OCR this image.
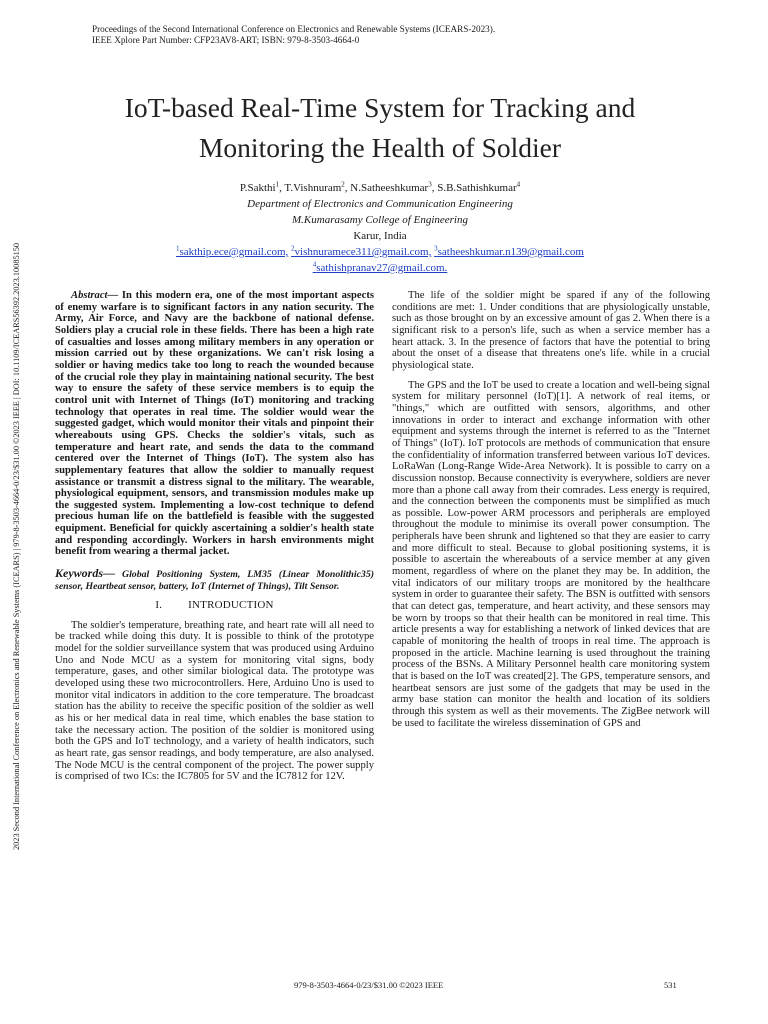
Proceedings of the Second International Conference on Electronics and Renewable Systems (ICEARS-2023).
IEEE Xplore Part Number: CFP23AV8-ART; ISBN: 979-8-3503-4664-0
2023 Second International Conference on Electronics and Renewable Systems (ICEARS) | 979-8-3503-4664-0/23/$31.00 ©2023 IEEE | DOI: 10.1109/ICEARS56392.2023.10085150
IoT-based Real-Time System for Tracking and
Monitoring the Health of Soldier
P.Sakthi$^1$, T.Vishnuram$^2$, N.Satheeshkumar$^3$, S.B.Sathishkumar$^4$
Department of Electronics and Communication Engineering
M.Kumarasamy College of Engineering
Karur, India
$^1$sakthip.ece@gmail.com, $^2$vishnuramece311@gmail.com, $^3$satheeshkumar.n139@gmail.com
$^4$sathishpranav27@gmail.com.

Abstract— In this modern era, one of the most important aspects of enemy warfare is to significant factors in any nation security. The Army, Air Force, and Navy are the backbone of national defense. Soldiers play a crucial role in these fields. There has been a high rate of casualties and losses among military members in any operation or mission carried out by these organizations. We can't risk losing a soldier or having medics take too long to reach the wounded because of the crucial role they play in maintaining national security. The best way to ensure the safety of these service members is to equip the control unit with Internet of Things (IoT) monitoring and tracking technology that operates in real time. The soldier would wear the suggested gadget, which would monitor their vitals and pinpoint their whereabouts using GPS. Checks the soldier's vitals, such as temperature and heart rate, and sends the data to the command centered over the Internet of Things (IoT). The system also has supplementary features that allow the soldier to manually request assistance or transmit a distress signal to the military. The wearable, physiological equipment, sensors, and transmission modules make up the suggested system. Implementing a low-cost technique to defend precious human life on the battlefield is feasible with the suggested equipment. Beneficial for quickly ascertaining a soldier's health state and responding accordingly. Workers in harsh environments might benefit from wearing a thermal jacket.

Keywords— Global Positioning System, LM35 (Linear Monolithic35) sensor, Heartbeat sensor, battery, IoT (Internet of Things), Tilt Sensor.

I. INTRODUCTION

The soldier's temperature, breathing rate, and heart rate will all need to be tracked while doing this duty. It is possible to think of the prototype model for the soldier surveillance system that was produced using Arduino Uno and Node MCU as a system for monitoring vital signs, body temperature, gases, and other similar biological data. The prototype was developed using these two microcontrollers. Here, Arduino Uno is used to monitor vital indicators in addition to the core temperature. The broadcast station has the ability to receive the specific position of the soldier as well as his or her medical data in real time, which enables the base station to take the necessary action. The position of the soldier is monitored using both the GPS and IoT technology, and a variety of health indicators, such as heart rate, gas sensor readings, and body temperature, are also analysed. The Node MCU is the central component of the project. The power supply is comprised of two ICs: the IC7805 for 5V and the IC7812 for 12V.

The life of the soldier might be spared if any of the following conditions are met: 1. Under conditions that are physiologically unstable, such as those brought on by an excessive amount of gas 2. When there is a significant risk to a person's life, such as when a service member has a heart attack. 3. In the presence of factors that have the potential to bring about the onset of a disease that threatens one's life. while in a crucial physiological state.

The GPS and the IoT be used to create a location and well-being signal system for military personnel (IoT)[1]. A network of real items, or "things," which are outfitted with sensors, algorithms, and other innovations in order to interact and exchange information with other equipment and systems through the internet is referred to as the "Internet of Things" (IoT). IoT protocols are methods of communication that ensure the confidentiality of information transferred between various IoT devices. LoRaWan (Long-Range Wide-Area Network). It is possible to carry on a discussion nonstop. Because connectivity is everywhere, soldiers are never more than a phone call away from their comrades. Less energy is required, and the connection between the components must be simplified as much as possible. Low-power ARM processors and peripherals are employed throughout the module to minimise its overall power consumption. The peripherals have been shrunk and lightened so that they are easier to carry and more difficult to steal. Because to global positioning systems, it is possible to ascertain the whereabouts of a service member at any given moment, regardless of where on the planet they may be. In addition, the vital indicators of our military troops are monitored by the healthcare system in order to guarantee their safety. The BSN is outfitted with sensors that can detect gas, temperature, and heart activity, and these sensors may be worn by troops so that their health can be monitored in real time. This article presents a way for establishing a network of linked devices that are capable of monitoring the health of troops in real time. The approach is proposed in the article. Machine learning is used throughout the training process of the BSNs. A Military Personnel health care monitoring system that is based on the IoT was created[2]. The GPS, temperature sensors, and heartbeat sensors are just some of the gadgets that may be used in the army base station can monitor the health and location of its soldiers through this system as well as their movements. The ZigBee network will be used to facilitate the wireless dissemination of GPS and

979-8-3503-4664-0/23/$31.00 ©2023 IEEE	531
